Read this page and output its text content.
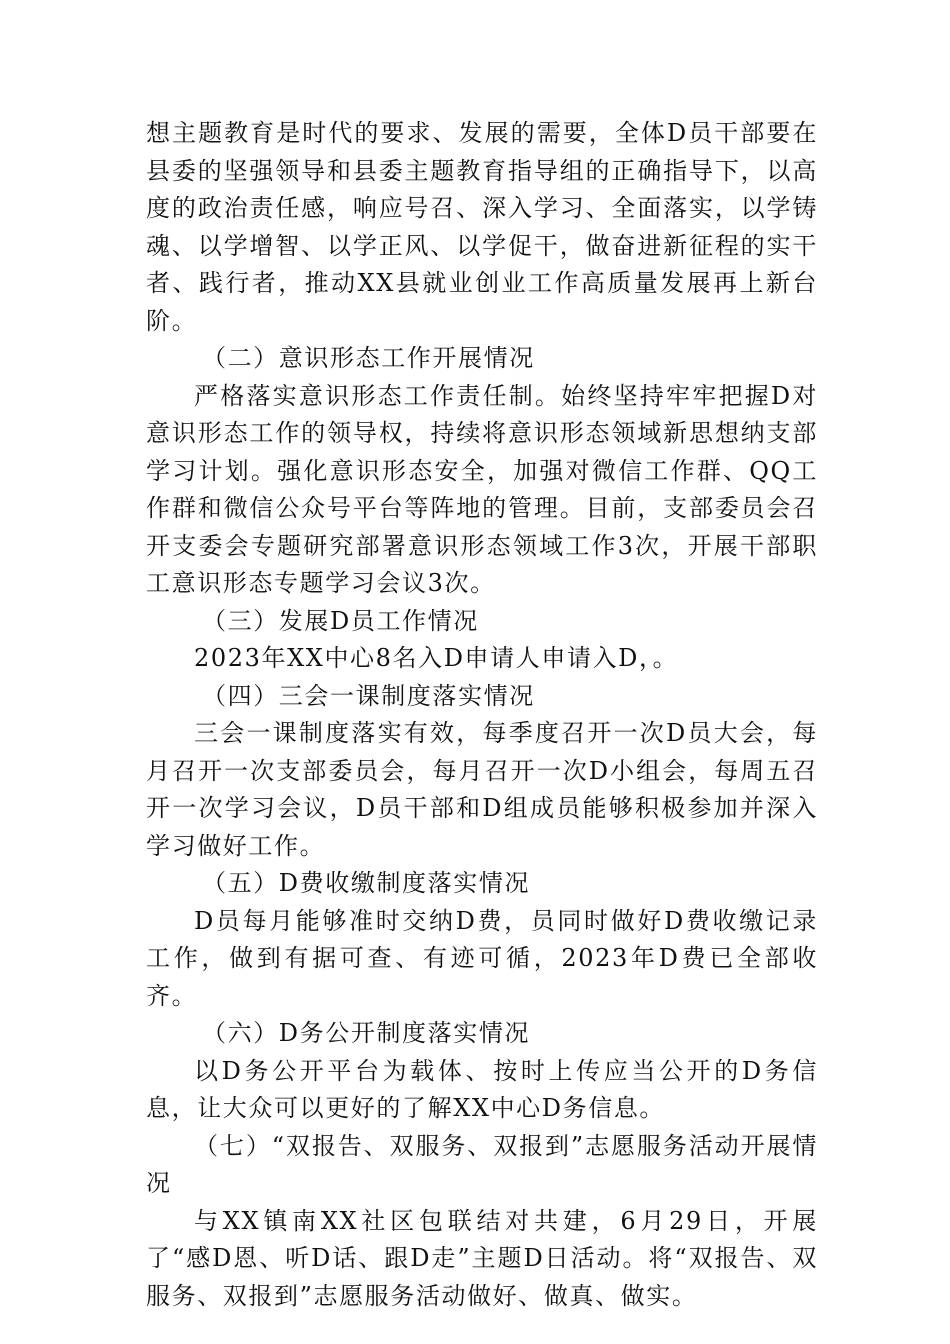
想主题教育是时代的要求、发展的需要，全体D员干部要在县委的坚强领导和县委主题教育指导组的正确指导下，以高度的政治责任感，响应号召、深入学习、全面落实，以学铸魂、以学增智、以学正风、以学促干，做奋进新征程的实干者、践行者，推动XX县就业创业工作高质量发展再上新台阶。

（二）意识形态工作开展情况

严格落实意识形态工作责任制。始终坚持牢牢把握D对意识形态工作的领导权，持续将意识形态领域新思想纳支部学习计划。强化意识形态安全，加强对微信工作群、QQ工作群和微信公众号平台等阵地的管理。目前，支部委员会召开支委会专题研究部署意识形态领域工作3次，开展干部职工意识形态专题学习会议3次。

（三）发展D员工作情况

2023年XX中心8名入D申请人申请入D，。

（四）三会一课制度落实情况

三会一课制度落实有效，每季度召开一次D员大会，每月召开一次支部委员会，每月召开一次D小组会，每周五召开一次学习会议，D员干部和D组成员能够积极参加并深入学习做好工作。

（五）D费收缴制度落实情况

D员每月能够准时交纳D费，员同时做好D费收缴记录工作，做到有据可查、有迹可循，2023年D费已全部收齐。

（六）D务公开制度落实情况

以D务公开平台为载体、按时上传应当公开的D务信息，让大众可以更好的了解XX中心D务信息。

（七）“双报告、双服务、双报到”志愿服务活动开展情况

与XX镇南XX社区包联结对共建，6月29日，开展了“感D恩、听D话、跟D走”主题D日活动。将“双报告、双服务、双报到”志愿服务活动做好、做真、做实。
